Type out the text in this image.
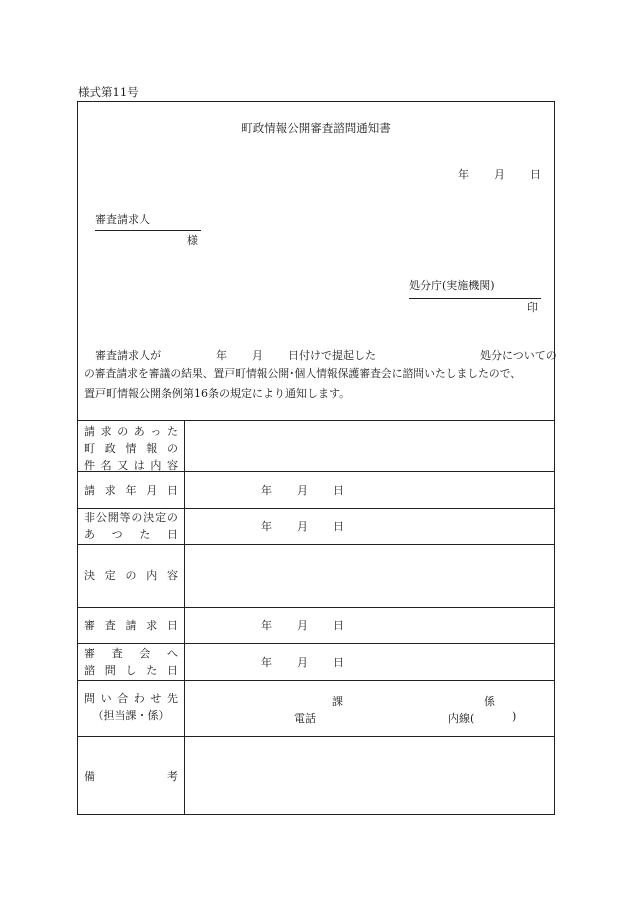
様式第11号
町政情報公開審査諮問通知書
年 月 日
審査請求人
様
処分庁(実施機関)
印
審査請求人が	年 月 日付けで提起した	処分についての
の審査請求を審議の結果、置戸町情報公開･個人情報保護審査会に諮問いたしましたので、
置戸町情報公開条例第16条の規定により通知します。
請 求 の あ っ た
町 政 情 報 の
件 名 又 は 内 容
請 求 年 月 日	年 月 日
非 公 開 等 の 決 定 の
あ つ た 日
年 月 日
決 定 の 内 容
審 査 請 求 日	年 月 日
審 査 会 へ
諮 問 し た 日
年 月 日
問 い 合 わ せ 先
（担当課・係）
課	係
電話	内線(	)
備	考
